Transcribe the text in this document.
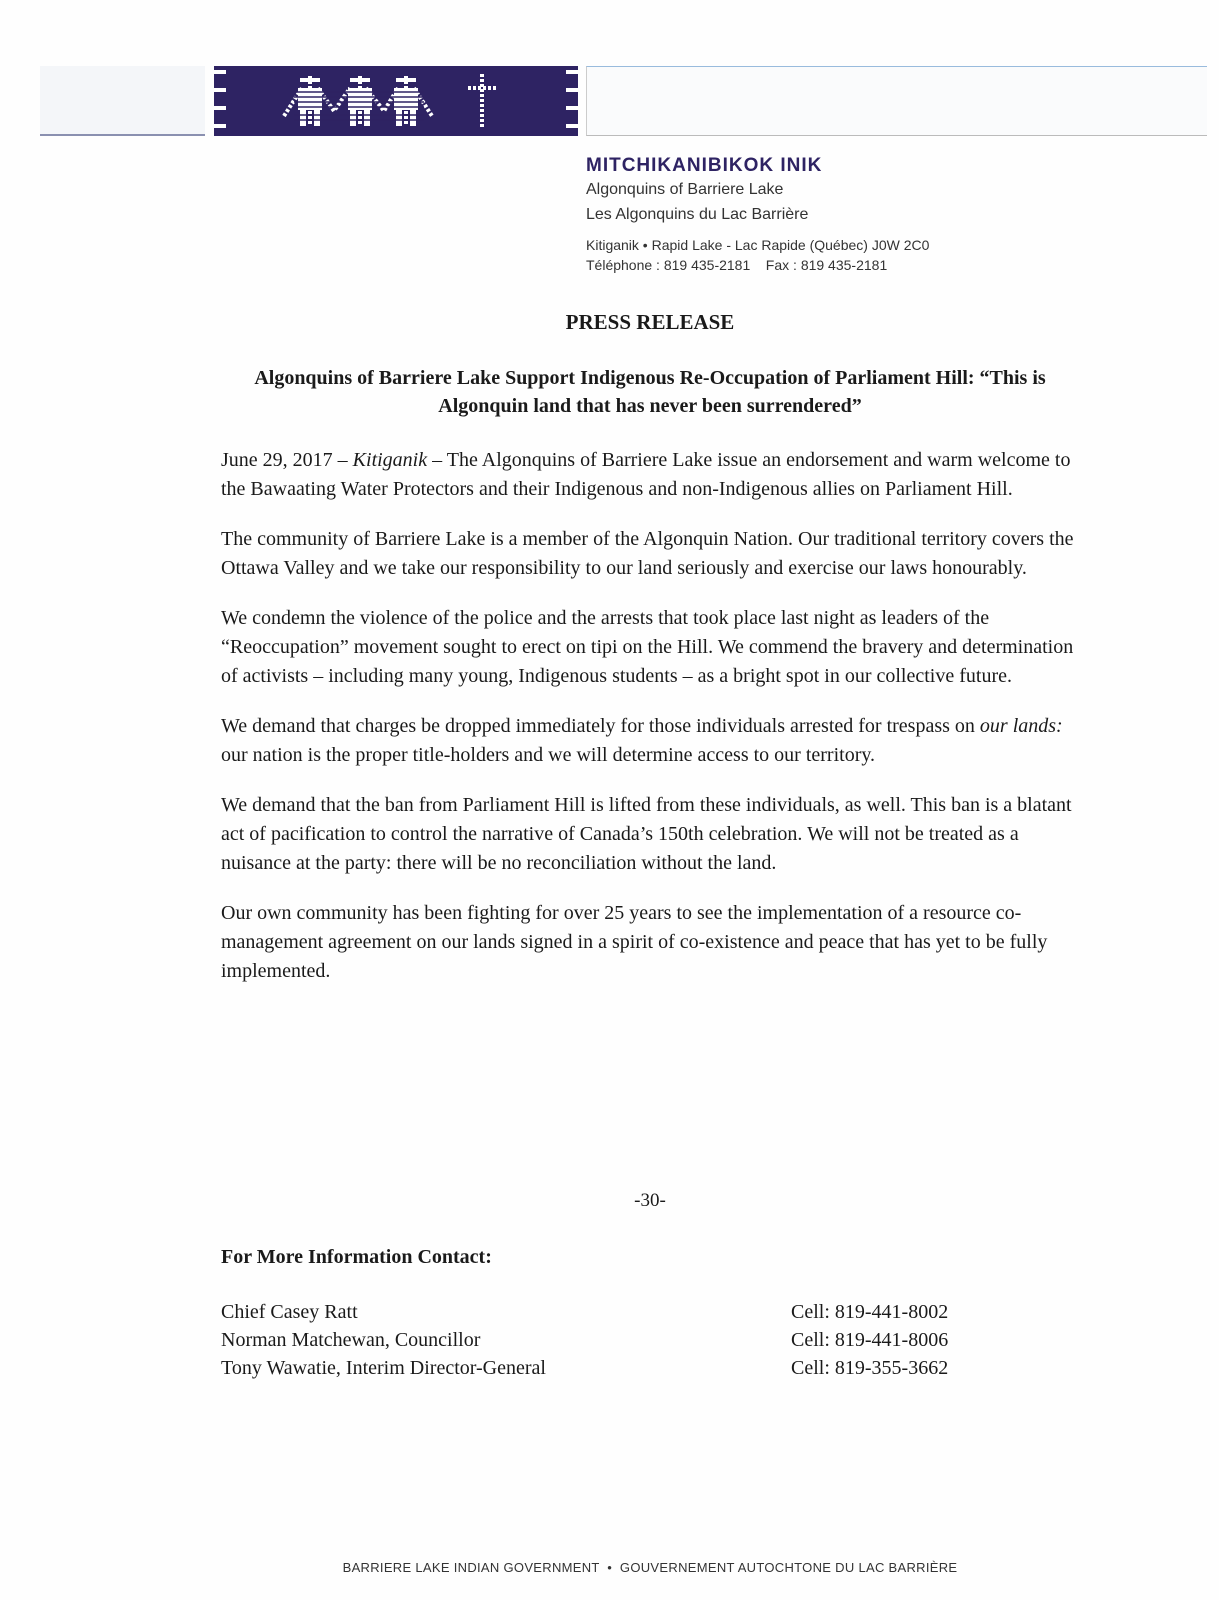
MITCHIKANIBIKOK INIK
Algonquins of Barriere Lake
Les Algonquins du Lac Barrière
Kitiganik • Rapid Lake - Lac Rapide (Québec) J0W 2C0
Téléphone : 819 435-2181    Fax : 819 435-2181
PRESS RELEASE
Algonquins of Barriere Lake Support Indigenous Re-Occupation of Parliament Hill: “This is Algonquin land that has never been surrendered”

June 29, 2017 – Kitiganik – The Algonquins of Barriere Lake issue an endorsement and warm welcome to the Bawaating Water Protectors and their Indigenous and non-Indigenous allies on Parliament Hill.

The community of Barriere Lake is a member of the Algonquin Nation. Our traditional territory covers the Ottawa Valley and we take our responsibility to our land seriously and exercise our laws honourably.

We condemn the violence of the police and the arrests that took place last night as leaders of the “Reoccupation” movement sought to erect on tipi on the Hill. We commend the bravery and determination of activists – including many young, Indigenous students – as a bright spot in our collective future.

We demand that charges be dropped immediately for those individuals arrested for trespass on our lands: our nation is the proper title-holders and we will determine access to our territory.

We demand that the ban from Parliament Hill is lifted from these individuals, as well. This ban is a blatant act of pacification to control the narrative of Canada’s 150th celebration. We will not be treated as a nuisance at the party: there will be no reconciliation without the land.

Our own community has been fighting for over 25 years to see the implementation of a resource co-management agreement on our lands signed in a spirit of co-existence and peace that has yet to be fully implemented.

-30-
For More Information Contact:
Chief Casey Ratt	Cell: 819-441-8002
Norman Matchewan, Councillor	Cell: 819-441-8006
Tony Wawatie, Interim Director-General	Cell: 819-355-3662
BARRIERE LAKE INDIAN GOVERNMENT  •  GOUVERNEMENT AUTOCHTONE DU LAC BARRIÈRE
